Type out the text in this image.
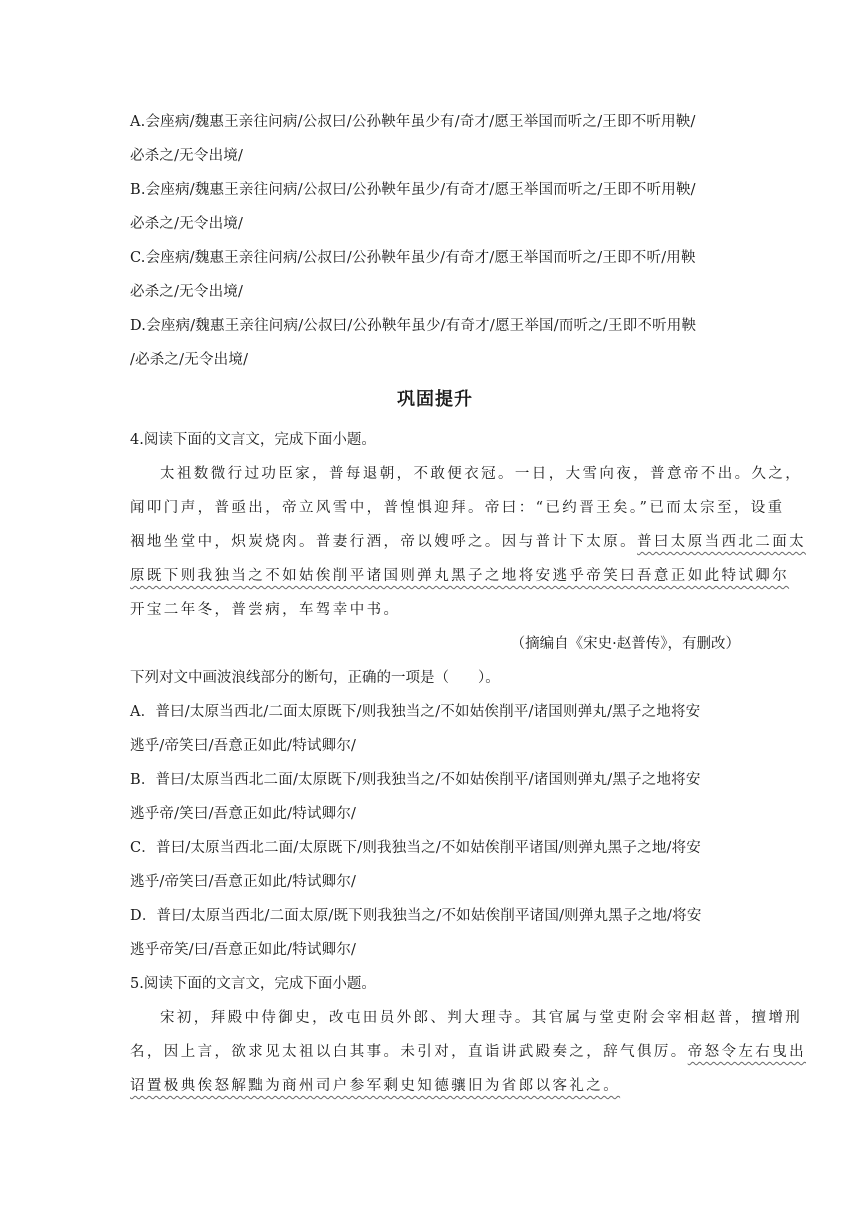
A.会座病/魏惠王亲往问病/公叔曰/公孙鞅年虽少有/奇才/愿王举国而听之/王即不听用鞅/
必杀之/无令出境/
B.会座病/魏惠王亲往问病/公叔曰/公孙鞅年虽少/有奇才/愿王举国而听之/王即不听用鞅/
必杀之/无令出境/
C.会座病/魏惠王亲往问病/公叔曰/公孙鞅年虽少/有奇才/愿王举国而听之/王即不听/用鞅
必杀之/无令出境/
D.会座病/魏惠王亲往问病/公叔曰/公孙鞅年虽少/有奇才/愿王举国/而听之/王即不听用鞅
/必杀之/无令出境/
巩固提升
4.阅读下面的文言文，完成下面小题。
太祖数微行过功臣家，普每退朝，不敢便衣冠。一日，大雪向夜，普意帝不出。久之，
闻叩门声，普亟出，帝立风雪中，普惶惧迎拜。帝曰：“已约晋王矣。”已而太宗至，设重
裀地坐堂中，炽炭烧肉。普妻行酒，帝以嫂呼之。因与普计下太原。普曰太原当西北二面太
原既下则我独当之不如姑俟削平诸国则弹丸黑子之地将安逃乎帝笑曰吾意正如此特试卿尔
开宝二年冬，普尝病，车驾幸中书。
（摘编自《宋史·赵普传》，有删改）
下列对文中画波浪线部分的断句，正确的一项是（　　）。
A．普曰/太原当西北/二面太原既下/则我独当之/不如姑俟削平/诸国则弹丸/黑子之地将安
逃乎/帝笑曰/吾意正如此/特试卿尔/
B．普曰/太原当西北二面/太原既下/则我独当之/不如姑俟削平/诸国则弹丸/黑子之地将安
逃乎帝/笑曰/吾意正如此/特试卿尔/
C．普曰/太原当西北二面/太原既下/则我独当之/不如姑俟削平诸国/则弹丸黑子之地/将安
逃乎/帝笑曰/吾意正如此/特试卿尔/
D．普曰/太原当西北/二面太原/既下则我独当之/不如姑俟削平诸国/则弹丸黑子之地/将安
逃乎帝笑/曰/吾意正如此/特试卿尔/
5.阅读下面的文言文，完成下面小题。
宋初，拜殿中侍御史，改屯田员外郎、判大理寺。其官属与堂吏附会宰相赵普，擅增刑
名，因上言，欲求见太祖以白其事。未引对，直诣讲武殿奏之，辞气俱厉。帝怒令左右曳出
诏置极典俟怒解黜为商州司户参军剩史知德骧旧为省郎以客礼之。
